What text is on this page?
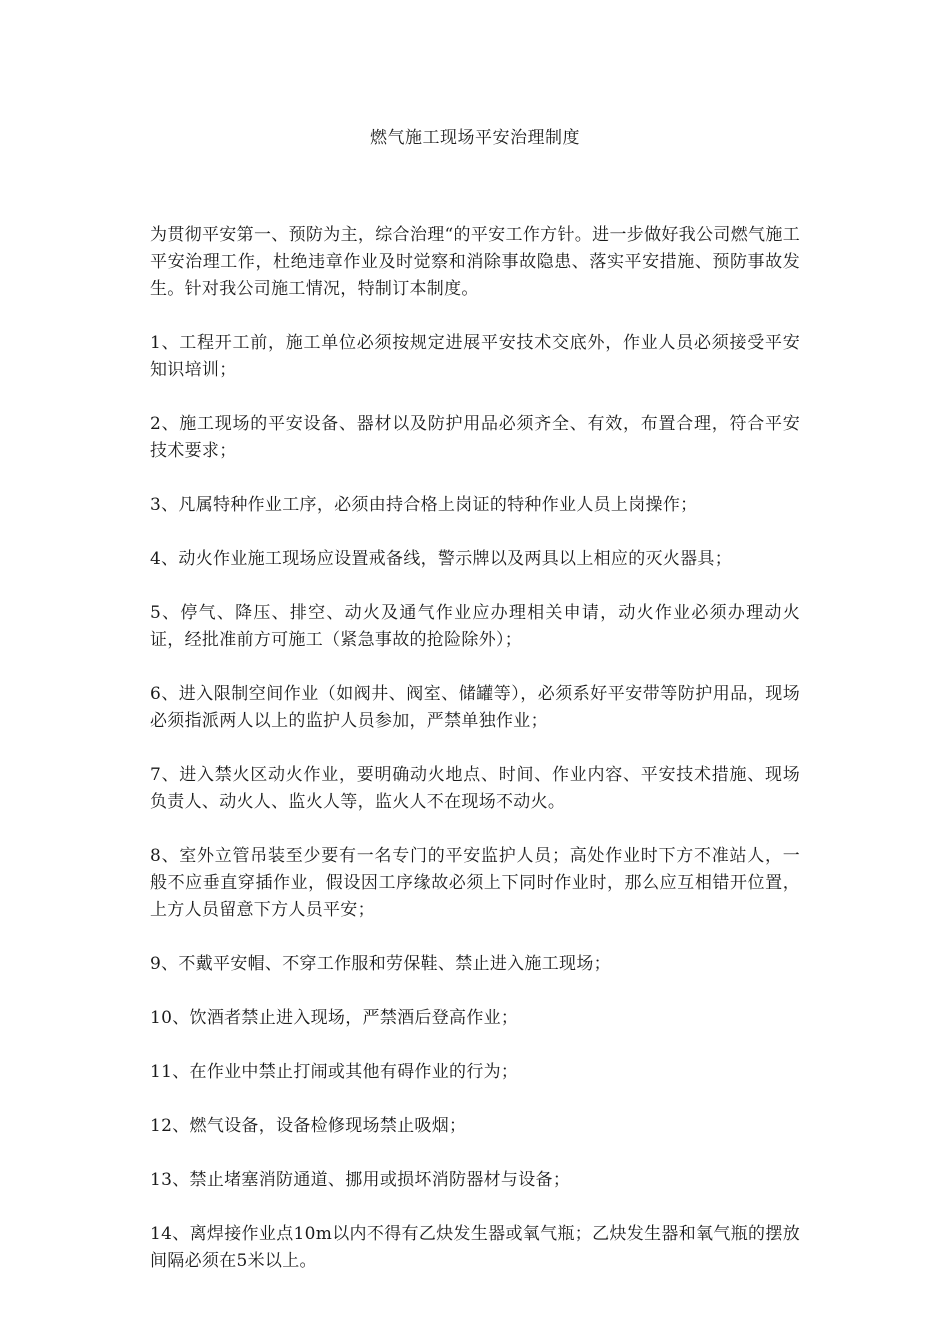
燃气施工现场平安治理制度

为贯彻平安第一、预防为主，综合治理“的平安工作方针。进一步做好我公司燃气施工平安治理工作，杜绝违章作业及时觉察和消除事故隐患、落实平安措施、预防事故发生。针对我公司施工情况，特制订本制度。

1、工程开工前，施工单位必须按规定进展平安技术交底外，作业人员必须接受平安知识培训；

2、施工现场的平安设备、器材以及防护用品必须齐全、有效，布置合理，符合平安技术要求；

3、凡属特种作业工序，必须由持合格上岗证的特种作业人员上岗操作；

4、动火作业施工现场应设置戒备线，警示牌以及两具以上相应的灭火器具；

5、停气、降压、排空、动火及通气作业应办理相关申请，动火作业必须办理动火证，经批准前方可施工（紧急事故的抢险除外）；

6、进入限制空间作业（如阀井、阀室、储罐等），必须系好平安带等防护用品，现场必须指派两人以上的监护人员参加，严禁单独作业；

7、进入禁火区动火作业，要明确动火地点、时间、作业内容、平安技术措施、现场负责人、动火人、监火人等，监火人不在现场不动火。

8、室外立管吊装至少要有一名专门的平安监护人员；高处作业时下方不准站人，一般不应垂直穿插作业，假设因工序缘故必须上下同时作业时，那么应互相错开位置，上方人员留意下方人员平安；

9、不戴平安帽、不穿工作服和劳保鞋、禁止进入施工现场；

10、饮酒者禁止进入现场，严禁酒后登高作业；

11、在作业中禁止打闹或其他有碍作业的行为；

12、燃气设备，设备检修现场禁止吸烟；

13、禁止堵塞消防通道、挪用或损坏消防器材与设备；

14、离焊接作业点10m以内不得有乙炔发生器或氧气瓶；乙炔发生器和氧气瓶的摆放间隔必须在5米以上。
